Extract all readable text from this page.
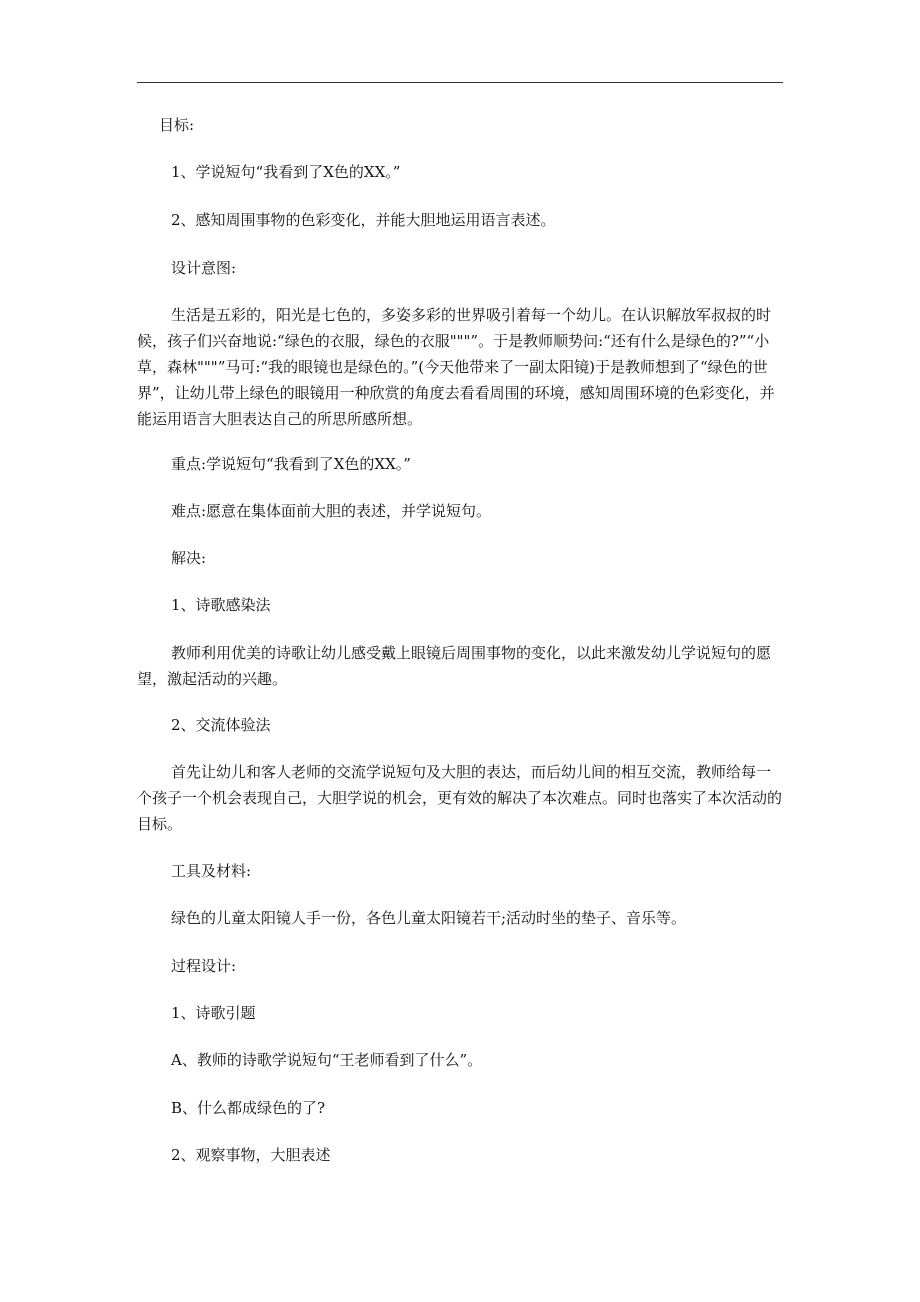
目标:
1、学说短句“我看到了X色的XX。”
2、感知周围事物的色彩变化，并能大胆地运用语言表述。
设计意图:
生活是五彩的，阳光是七色的，多姿多彩的世界吸引着每一个幼儿。在认识解放军叔叔的时候，孩子们兴奋地说:“绿色的衣服，绿色的衣服"""”。于是教师顺势问:“还有什么是绿色的?”“小草，森林"""”马可:“我的眼镜也是绿色的。”(今天他带来了一副太阳镜)于是教师想到了“绿色的世界”，让幼儿带上绿色的眼镜用一种欣赏的角度去看看周围的环境，感知周围环境的色彩变化，并能运用语言大胆表达自己的所思所感所想。
重点:学说短句“我看到了X色的XX。”
难点:愿意在集体面前大胆的表述，并学说短句。
解决:
1、诗歌感染法
教师利用优美的诗歌让幼儿感受戴上眼镜后周围事物的变化，以此来激发幼儿学说短句的愿望，激起活动的兴趣。
2、交流体验法
首先让幼儿和客人老师的交流学说短句及大胆的表达，而后幼儿间的相互交流，教师给每一个孩子一个机会表现自己，大胆学说的机会，更有效的解决了本次难点。同时也落实了本次活动的目标。
工具及材料:
绿色的儿童太阳镜人手一份，各色儿童太阳镜若干;活动时坐的垫子、音乐等。
过程设计:
1、诗歌引题
A、教师的诗歌学说短句“王老师看到了什么”。
B、什么都成绿色的了?
2、观察事物，大胆表述
